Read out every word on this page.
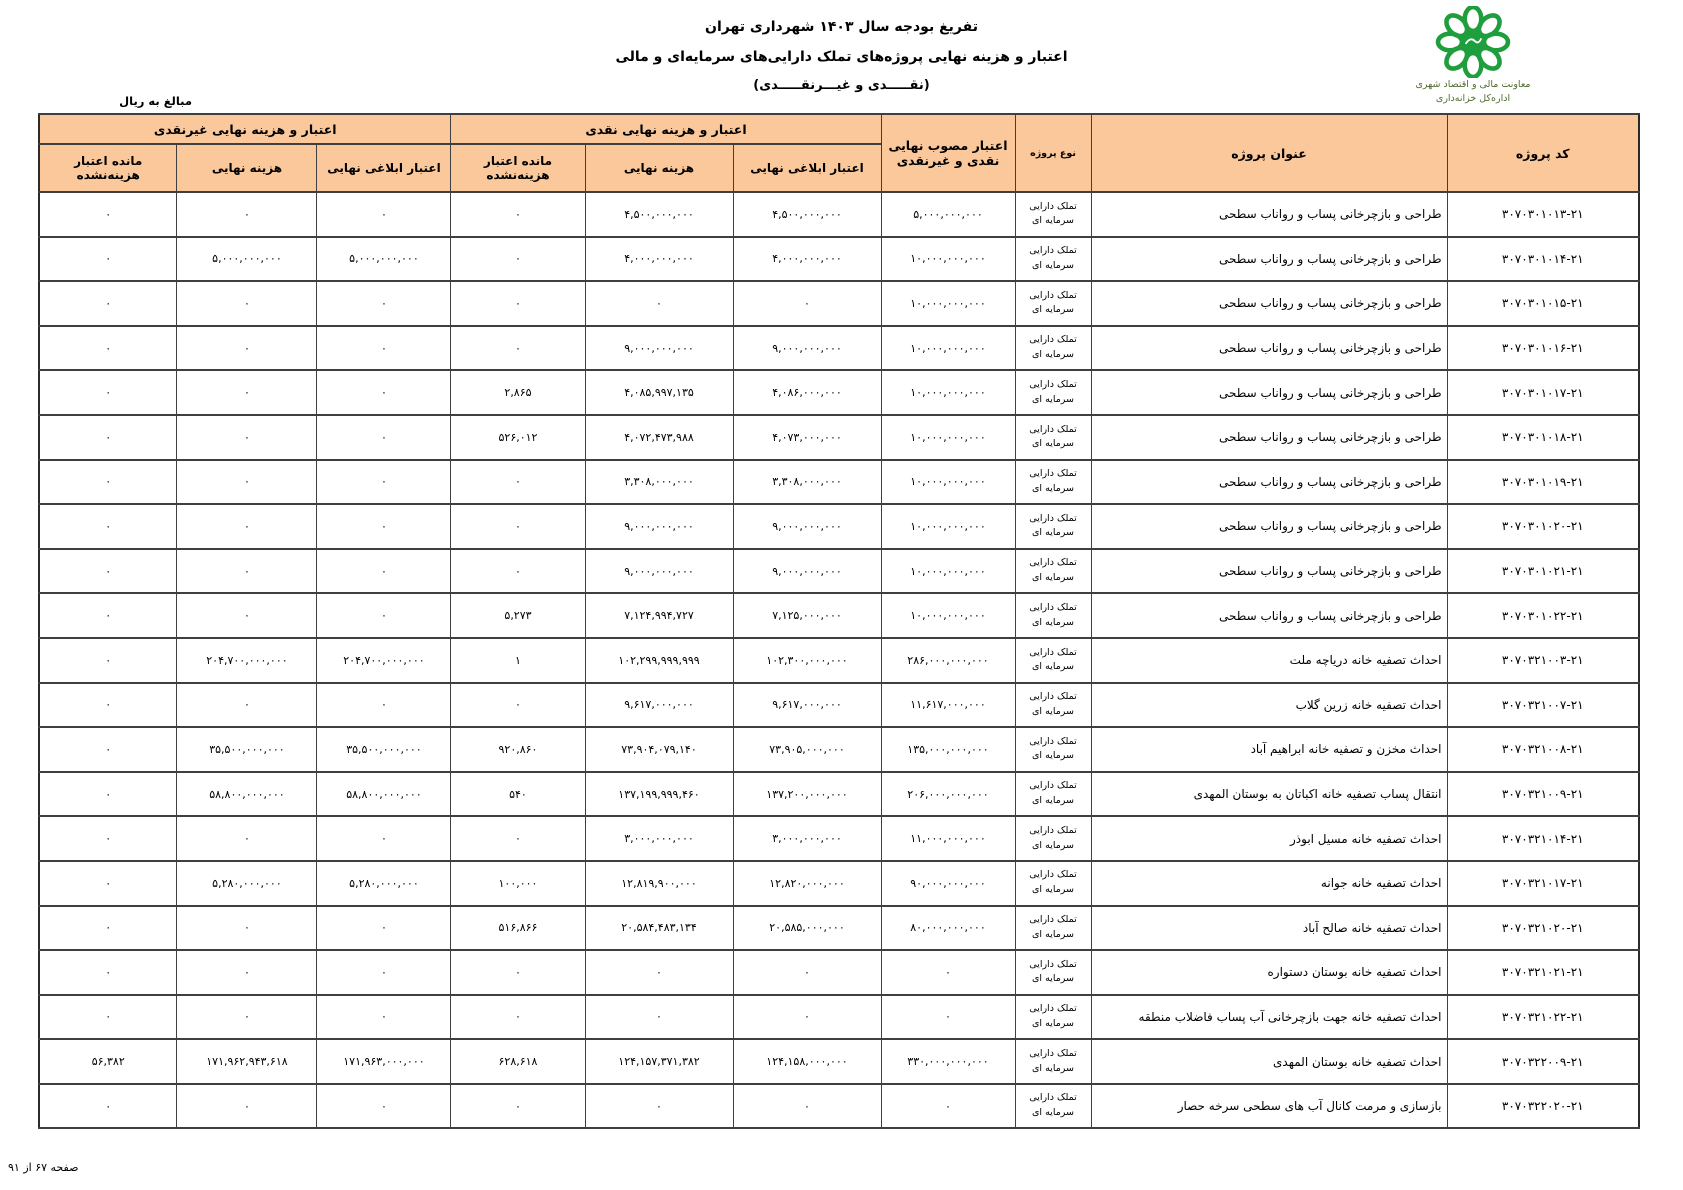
تفریغ بودجه سال ۱۴۰۳ شهرداری تهران
اعتبار و هزینه نهایی پروژه‌های تملک دارایی‌های سرمایه‌ای و مالی
(نقـــــدی و غیـــرنقـــــدی)	معاونت مالی و اقتصاد شهری
اداره‌کل خزانه‌داری
مبالغ به ریال
کد پروژه	عنوان پروژه	نوع پروژه	اعتبار مصوب نهایی نقدی و غیرنقدی	اعتبار و هزینه نهایی نقدی			اعتبار و هزینه نهایی غیرنقدی		
				اعتبار ابلاغی نهایی	هزینه نهایی	مانده اعتبار هزینه‌نشده	اعتبار ابلاغی نهایی	هزینه نهایی	مانده اعتبار هزینه‌نشده
۳۰۷۰۳۰۱۰۱۳-۲۱	طراحی و بازچرخانی پساب و رواناب سطحی	تملک دارایی سرمایه ای	۵,۰۰۰,۰۰۰,۰۰۰	۴,۵۰۰,۰۰۰,۰۰۰	۴,۵۰۰,۰۰۰,۰۰۰	۰	۰	۰	۰
۳۰۷۰۳۰۱۰۱۴-۲۱	طراحی و بازچرخانی پساب و رواناب سطحی	تملک دارایی سرمایه ای	۱۰,۰۰۰,۰۰۰,۰۰۰	۴,۰۰۰,۰۰۰,۰۰۰	۴,۰۰۰,۰۰۰,۰۰۰	۰	۵,۰۰۰,۰۰۰,۰۰۰	۵,۰۰۰,۰۰۰,۰۰۰	۰
۳۰۷۰۳۰۱۰۱۵-۲۱	طراحی و بازچرخانی پساب و رواناب سطحی	تملک دارایی سرمایه ای	۱۰,۰۰۰,۰۰۰,۰۰۰	۰	۰	۰	۰	۰	۰
۳۰۷۰۳۰۱۰۱۶-۲۱	طراحی و بازچرخانی پساب و رواناب سطحی	تملک دارایی سرمایه ای	۱۰,۰۰۰,۰۰۰,۰۰۰	۹,۰۰۰,۰۰۰,۰۰۰	۹,۰۰۰,۰۰۰,۰۰۰	۰	۰	۰	۰
۳۰۷۰۳۰۱۰۱۷-۲۱	طراحی و بازچرخانی پساب و رواناب سطحی	تملک دارایی سرمایه ای	۱۰,۰۰۰,۰۰۰,۰۰۰	۴,۰۸۶,۰۰۰,۰۰۰	۴,۰۸۵,۹۹۷,۱۳۵	۲,۸۶۵	۰	۰	۰
۳۰۷۰۳۰۱۰۱۸-۲۱	طراحی و بازچرخانی پساب و رواناب سطحی	تملک دارایی سرمایه ای	۱۰,۰۰۰,۰۰۰,۰۰۰	۴,۰۷۳,۰۰۰,۰۰۰	۴,۰۷۲,۴۷۳,۹۸۸	۵۲۶,۰۱۲	۰	۰	۰
۳۰۷۰۳۰۱۰۱۹-۲۱	طراحی و بازچرخانی پساب و رواناب سطحی	تملک دارایی سرمایه ای	۱۰,۰۰۰,۰۰۰,۰۰۰	۳,۳۰۸,۰۰۰,۰۰۰	۳,۳۰۸,۰۰۰,۰۰۰	۰	۰	۰	۰
۳۰۷۰۳۰۱۰۲۰-۲۱	طراحی و بازچرخانی پساب و رواناب سطحی	تملک دارایی سرمایه ای	۱۰,۰۰۰,۰۰۰,۰۰۰	۹,۰۰۰,۰۰۰,۰۰۰	۹,۰۰۰,۰۰۰,۰۰۰	۰	۰	۰	۰
۳۰۷۰۳۰۱۰۲۱-۲۱	طراحی و بازچرخانی پساب و رواناب سطحی	تملک دارایی سرمایه ای	۱۰,۰۰۰,۰۰۰,۰۰۰	۹,۰۰۰,۰۰۰,۰۰۰	۹,۰۰۰,۰۰۰,۰۰۰	۰	۰	۰	۰
۳۰۷۰۳۰۱۰۲۲-۲۱	طراحی و بازچرخانی پساب و رواناب سطحی	تملک دارایی سرمایه ای	۱۰,۰۰۰,۰۰۰,۰۰۰	۷,۱۲۵,۰۰۰,۰۰۰	۷,۱۲۴,۹۹۴,۷۲۷	۵,۲۷۳	۰	۰	۰
۳۰۷۰۳۲۱۰۰۳-۲۱	احداث تصفیه خانه دریاچه ملت	تملک دارایی سرمایه ای	۲۸۶,۰۰۰,۰۰۰,۰۰۰	۱۰۲,۳۰۰,۰۰۰,۰۰۰	۱۰۲,۲۹۹,۹۹۹,۹۹۹	۱	۲۰۴,۷۰۰,۰۰۰,۰۰۰	۲۰۴,۷۰۰,۰۰۰,۰۰۰	۰
۳۰۷۰۳۲۱۰۰۷-۲۱	احداث تصفیه خانه زرین گلاب	تملک دارایی سرمایه ای	۱۱,۶۱۷,۰۰۰,۰۰۰	۹,۶۱۷,۰۰۰,۰۰۰	۹,۶۱۷,۰۰۰,۰۰۰	۰	۰	۰	۰
۳۰۷۰۳۲۱۰۰۸-۲۱	احداث مخزن و تصفیه خانه ابراهیم آباد	تملک دارایی سرمایه ای	۱۳۵,۰۰۰,۰۰۰,۰۰۰	۷۳,۹۰۵,۰۰۰,۰۰۰	۷۳,۹۰۴,۰۷۹,۱۴۰	۹۲۰,۸۶۰	۳۵,۵۰۰,۰۰۰,۰۰۰	۳۵,۵۰۰,۰۰۰,۰۰۰	۰
۳۰۷۰۳۲۱۰۰۹-۲۱	انتقال پساب تصفیه خانه اکباتان به بوستان المهدی	تملک دارایی سرمایه ای	۲۰۶,۰۰۰,۰۰۰,۰۰۰	۱۳۷,۲۰۰,۰۰۰,۰۰۰	۱۳۷,۱۹۹,۹۹۹,۴۶۰	۵۴۰	۵۸,۸۰۰,۰۰۰,۰۰۰	۵۸,۸۰۰,۰۰۰,۰۰۰	۰
۳۰۷۰۳۲۱۰۱۴-۲۱	احداث تصفیه خانه مسیل ابوذر	تملک دارایی سرمایه ای	۱۱,۰۰۰,۰۰۰,۰۰۰	۳,۰۰۰,۰۰۰,۰۰۰	۳,۰۰۰,۰۰۰,۰۰۰	۰	۰	۰	۰
۳۰۷۰۳۲۱۰۱۷-۲۱	احداث تصفیه خانه جوانه	تملک دارایی سرمایه ای	۹۰,۰۰۰,۰۰۰,۰۰۰	۱۲,۸۲۰,۰۰۰,۰۰۰	۱۲,۸۱۹,۹۰۰,۰۰۰	۱۰۰,۰۰۰	۵,۲۸۰,۰۰۰,۰۰۰	۵,۲۸۰,۰۰۰,۰۰۰	۰
۳۰۷۰۳۲۱۰۲۰-۲۱	احداث تصفیه خانه صالح آباد	تملک دارایی سرمایه ای	۸۰,۰۰۰,۰۰۰,۰۰۰	۲۰,۵۸۵,۰۰۰,۰۰۰	۲۰,۵۸۴,۴۸۳,۱۳۴	۵۱۶,۸۶۶	۰	۰	۰
۳۰۷۰۳۲۱۰۲۱-۲۱	احداث تصفیه خانه بوستان دستواره	تملک دارایی سرمایه ای	۰	۰	۰	۰	۰	۰	۰
۳۰۷۰۳۲۱۰۲۲-۲۱	احداث تصفیه خانه جهت بازچرخانی آب پساب فاضلاب منطقه	تملک دارایی سرمایه ای	۰	۰	۰	۰	۰	۰	۰
۳۰۷۰۳۲۲۰۰۹-۲۱	احداث تصفیه خانه بوستان المهدی	تملک دارایی سرمایه ای	۳۳۰,۰۰۰,۰۰۰,۰۰۰	۱۲۴,۱۵۸,۰۰۰,۰۰۰	۱۲۴,۱۵۷,۳۷۱,۳۸۲	۶۲۸,۶۱۸	۱۷۱,۹۶۳,۰۰۰,۰۰۰	۱۷۱,۹۶۲,۹۴۳,۶۱۸	۵۶,۳۸۲
۳۰۷۰۳۲۲۰۲۰-۲۱	بازسازی و مرمت کانال آب های سطحی سرخه حصار	تملک دارایی سرمایه ای	۰	۰	۰	۰	۰	۰	۰
صفحه ۶۷ از ۹۱
